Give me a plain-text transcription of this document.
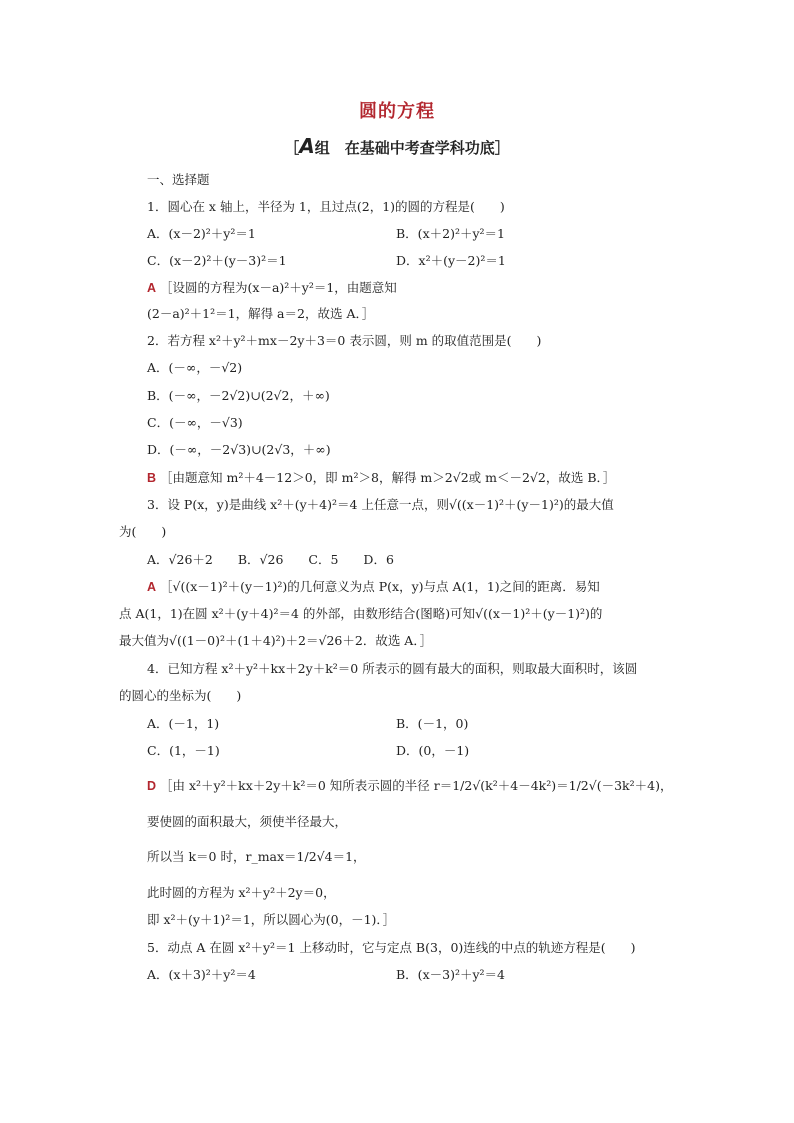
圆的方程
［A组　在基础中考查学科功底］
一、选择题
1．圆心在 x 轴上，半径为 1，且过点(2，1)的圆的方程是(　　)
A．(x－2)²＋y²＝1	B．(x＋2)²＋y²＝1
C．(x－2)²＋(y－3)²＝1	D．x²＋(y－2)²＝1
A ［设圆的方程为(x－a)²＋y²＝1，由题意知
(2－a)²＋1²＝1，解得 a＝2，故选 A．］
2．若方程 x²＋y²＋mx－2y＋3＝0 表示圆，则 m 的取值范围是(　　)
A．(－∞，－√2)
B．(－∞，－2√2)∪(2√2，＋∞)
C．(－∞，－√3)
D．(－∞，－2√3)∪(2√3，＋∞)
B ［由题意知 m²＋4－12＞0，即 m²＞8，解得 m＞2√2或 m＜－2√2，故选 B．］
3．设 P(x，y)是曲线 x²＋(y＋4)²＝4 上任意一点，则√((x－1)²＋(y－1)²)的最大值
为(　　)
A．√26＋2　　B．√26　　C．5　　D．6
A ［√((x－1)²＋(y－1)²)的几何意义为点 P(x，y)与点 A(1，1)之间的距离．易知
点 A(1，1)在圆 x²＋(y＋4)²＝4 的外部，由数形结合(图略)可知√((x－1)²＋(y－1)²)的
最大值为√((1－0)²＋(1＋4)²)＋2＝√26＋2．故选 A．］
4．已知方程 x²＋y²＋kx＋2y＋k²＝0 所表示的圆有最大的面积，则取最大面积时，该圆
的圆心的坐标为(　　)
A．(－1，1)	B．(－1，0)
C．(1，－1)	D．(0，－1)
D ［由 x²＋y²＋kx＋2y＋k²＝0 知所表示圆的半径 r＝1/2√(k²＋4－4k²)＝1/2√(－3k²＋4)，
要使圆的面积最大，须使半径最大，
所以当 k＝0 时，r_max＝1/2√4＝1，
此时圆的方程为 x²＋y²＋2y＝0，
即 x²＋(y＋1)²＝1，所以圆心为(0，－1)．］
5．动点 A 在圆 x²＋y²＝1 上移动时，它与定点 B(3，0)连线的中点的轨迹方程是(　　)
A．(x＋3)²＋y²＝4	B．(x－3)²＋y²＝4
